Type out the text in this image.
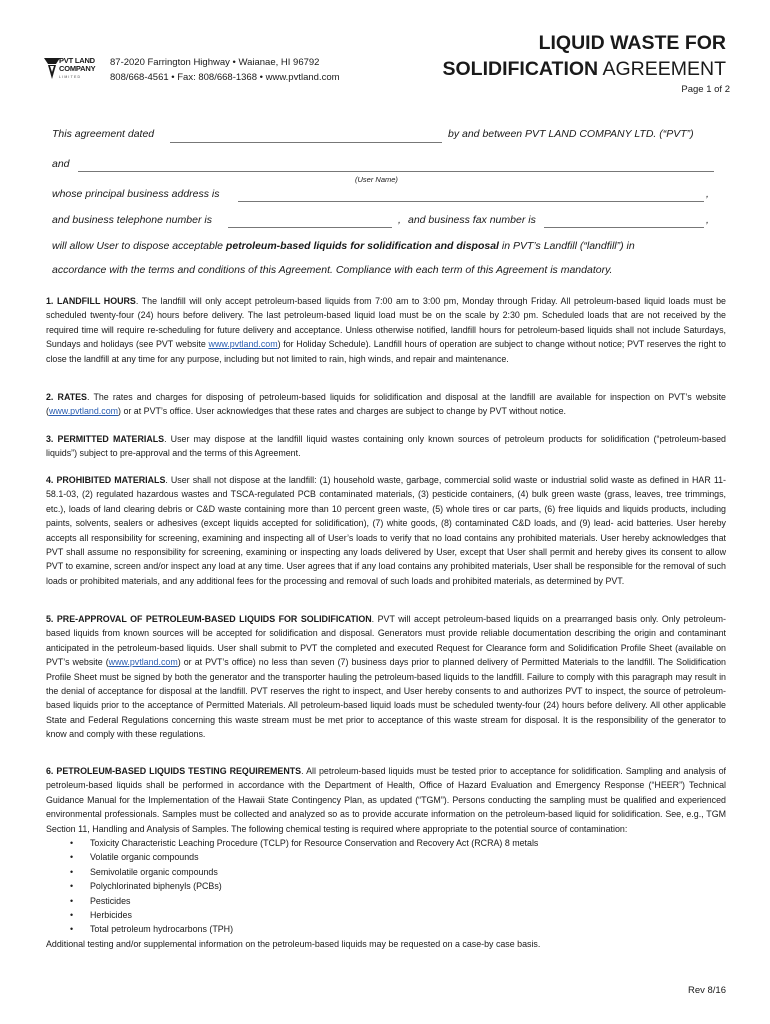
PVT LAND
COMPANY
LIMITED
87-2020 Farrington Highway • Waianae, HI 96792
808/668-4561 • Fax: 808/668-1368 • www.pvtland.com
LIQUID WASTE FOR
SOLIDIFICATION AGREEMENT
Page 1 of 2
This agreement dated	by and between PVT LAND COMPANY LTD. (“PVT”)
and
(User Name)
whose principal business address is	,
and business telephone number is	, and business fax number is	,
will allow User to dispose acceptable petroleum-based liquids for solidification and disposal in PVT’s Landfill (“landfill”) in
accordance with the terms and conditions of this Agreement. Compliance with each term of this Agreement is mandatory.
1. LANDFILL HOURS. The landfill will only accept petroleum-based liquids from 7:00 am to 3:00 pm, Monday through Friday. All petroleum-based liquid loads must be scheduled twenty-four (24) hours before delivery. The last petroleum-based liquid load must be on the scale by 2:30 pm. Scheduled loads that are not received by the required time will require re-scheduling for future delivery and acceptance. Unless otherwise notified, landfill hours for petroleum-based liquids shall not include Saturdays, Sundays and holidays (see PVT website www.pvtland.com) for Holiday Schedule). Landfill hours of operation are subject to change without notice; PVT reserves the right to close the landfill at any time for any purpose, including but not limited to rain, high winds, and repair and maintenance.
2. RATES. The rates and charges for disposing of petroleum-based liquids for solidification and disposal at the landfill are available for inspection on PVT’s website (www.pvtland.com) or at PVT’s office. User acknowledges that these rates and charges are subject to change by PVT without notice.
3. PERMITTED MATERIALS. User may dispose at the landfill liquid wastes containing only known sources of petroleum products for solidification (“petroleum-based liquids”) subject to pre-approval and the terms of this Agreement.
4. PROHIBITED MATERIALS. User shall not dispose at the landfill: (1) household waste, garbage, commercial solid waste or industrial solid waste as defined in HAR 11-58.1-03, (2) regulated hazardous wastes and TSCA-regulated PCB contaminated materials, (3) pesticide containers, (4) bulk green waste (grass, leaves, tree trimmings, etc.), loads of land clearing debris or C&D waste containing more than 10 percent green waste, (5) whole tires or car parts, (6) free liquids and liquids products, including paints, solvents, sealers or adhesives (except liquids accepted for solidification), (7) white goods, (8) contaminated C&D loads, and (9) lead- acid batteries. User hereby accepts all responsibility for screening, examining and inspecting all of User’s loads to verify that no load contains any prohibited materials. User hereby acknowledges that PVT shall assume no responsibility for screening, examining or inspecting any loads delivered by User, except that User shall permit and hereby gives its consent to allow PVT to examine, screen and/or inspect any load at any time. User agrees that if any load contains any prohibited materials, User shall be responsible for the removal of such loads or prohibited materials, and any additional fees for the processing and removal of such loads and prohibited materials, as determined by PVT.
5. PRE-APPROVAL OF PETROLEUM-BASED LIQUIDS FOR SOLIDIFICATION. PVT will accept petroleum-based liquids on a prearranged basis only. Only petroleum-based liquids from known sources will be accepted for solidification and disposal. Generators must provide reliable documentation describing the origin and contaminant anticipated in the petroleum-based liquids. User shall submit to PVT the completed and executed Request for Clearance form and Solidification Profile Sheet (available on PVT’s website (www.pvtland.com) or at PVT’s office) no less than seven (7) business days prior to planned delivery of Permitted Materials to the landfill. The Solidification Profile Sheet must be signed by both the generator and the transporter hauling the petroleum-based liquids to the landfill. Failure to comply with this paragraph may result in the denial of acceptance for disposal at the landfill. PVT reserves the right to inspect, and User hereby consents to and authorizes PVT to inspect, the source of petroleum-based liquids prior to the acceptance of Permitted Materials. All petroleum-based liquid loads must be scheduled twenty-four (24) hours before delivery. All other applicable State and Federal Regulations concerning this waste stream must be met prior to acceptance of this waste stream for disposal. It is the responsibility of the generator to know and comply with these regulations.
6. PETROLEUM-BASED LIQUIDS TESTING REQUIREMENTS. All petroleum-based liquids must be tested prior to acceptance for solidification. Sampling and analysis of petroleum-based liquids shall be performed in accordance with the Department of Health, Office of Hazard Evaluation and Emergency Response (“HEER”) Technical Guidance Manual for the Implementation of the Hawaii State Contingency Plan, as updated (“TGM”). Persons conducting the sampling must be qualified and experienced environmental professionals. Samples must be collected and analyzed so as to provide accurate information on the petroleum-based liquid for solidification. See, e.g., TGM Section 11, Handling and Analysis of Samples. The following chemical testing is required where appropriate to the potential source of contamination:
• Toxicity Characteristic Leaching Procedure (TCLP) for Resource Conservation and Recovery Act (RCRA) 8 metals
• Volatile organic compounds
• Semivolatile organic compounds
• Polychlorinated biphenyls (PCBs)
• Pesticides
• Herbicides
• Total petroleum hydrocarbons (TPH)
Additional testing and/or supplemental information on the petroleum-based liquids may be requested on a case-by case basis.
Rev 8/16
